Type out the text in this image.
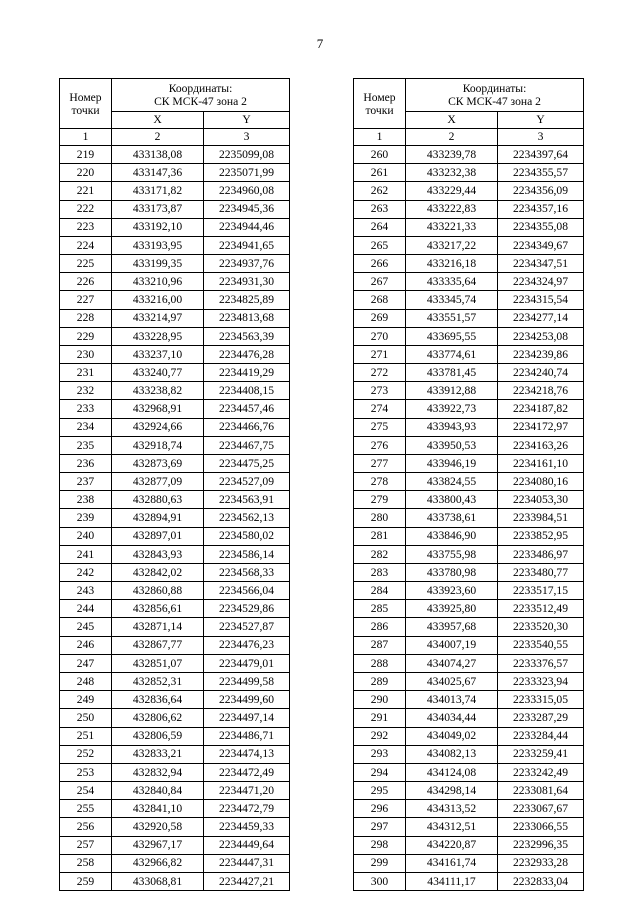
7
Номер
точки	Координаты:
СК МСК-47 зона 2	

	X	Y
1	2	3
219	433138,08	2235099,08
220	433147,36	2235071,99
221	433171,82	2234960,08
222	433173,87	2234945,36
223	433192,10	2234944,46
224	433193,95	2234941,65
225	433199,35	2234937,76
226	433210,96	2234931,30
227	433216,00	2234825,89
228	433214,97	2234813,68
229	433228,95	2234563,39
230	433237,10	2234476,28
231	433240,77	2234419,29
232	433238,82	2234408,15
233	432968,91	2234457,46
234	432924,66	2234466,76
235	432918,74	2234467,75
236	432873,69	2234475,25
237	432877,09	2234527,09
238	432880,63	2234563,91
239	432894,91	2234562,13
240	432897,01	2234580,02
241	432843,93	2234586,14
242	432842,02	2234568,33
243	432860,88	2234566,04
244	432856,61	2234529,86
245	432871,14	2234527,87
246	432867,77	2234476,23
247	432851,07	2234479,01
248	432852,31	2234499,58
249	432836,64	2234499,60
250	432806,62	2234497,14
251	432806,59	2234486,71
252	432833,21	2234474,13
253	432832,94	2234472,49
254	432840,84	2234471,20
255	432841,10	2234472,79
256	432920,58	2234459,33
257	432967,17	2234449,64
258	432966,82	2234447,31
259	433068,81	2234427,21
Номер
точки	Координаты:
СК МСК-47 зона 2	

	X	Y
1	2	3
260	433239,78	2234397,64
261	433232,38	2234355,57
262	433229,44	2234356,09
263	433222,83	2234357,16
264	433221,33	2234355,08
265	433217,22	2234349,67
266	433216,18	2234347,51
267	433335,64	2234324,97
268	433345,74	2234315,54
269	433551,57	2234277,14
270	433695,55	2234253,08
271	433774,61	2234239,86
272	433781,45	2234240,74
273	433912,88	2234218,76
274	433922,73	2234187,82
275	433943,93	2234172,97
276	433950,53	2234163,26
277	433946,19	2234161,10
278	433824,55	2234080,16
279	433800,43	2234053,30
280	433738,61	2233984,51
281	433846,90	2233852,95
282	433755,98	2233486,97
283	433780,98	2233480,77
284	433923,60	2233517,15
285	433925,80	2233512,49
286	433957,68	2233520,30
287	434007,19	2233540,55
288	434074,27	2233376,57
289	434025,67	2233323,94
290	434013,74	2233315,05
291	434034,44	2233287,29
292	434049,02	2233284,44
293	434082,13	2233259,41
294	434124,08	2233242,49
295	434298,14	2233081,64
296	434313,52	2233067,67
297	434312,51	2233066,55
298	434220,87	2232996,35
299	434161,74	2232933,28
300	434111,17	2232833,04
